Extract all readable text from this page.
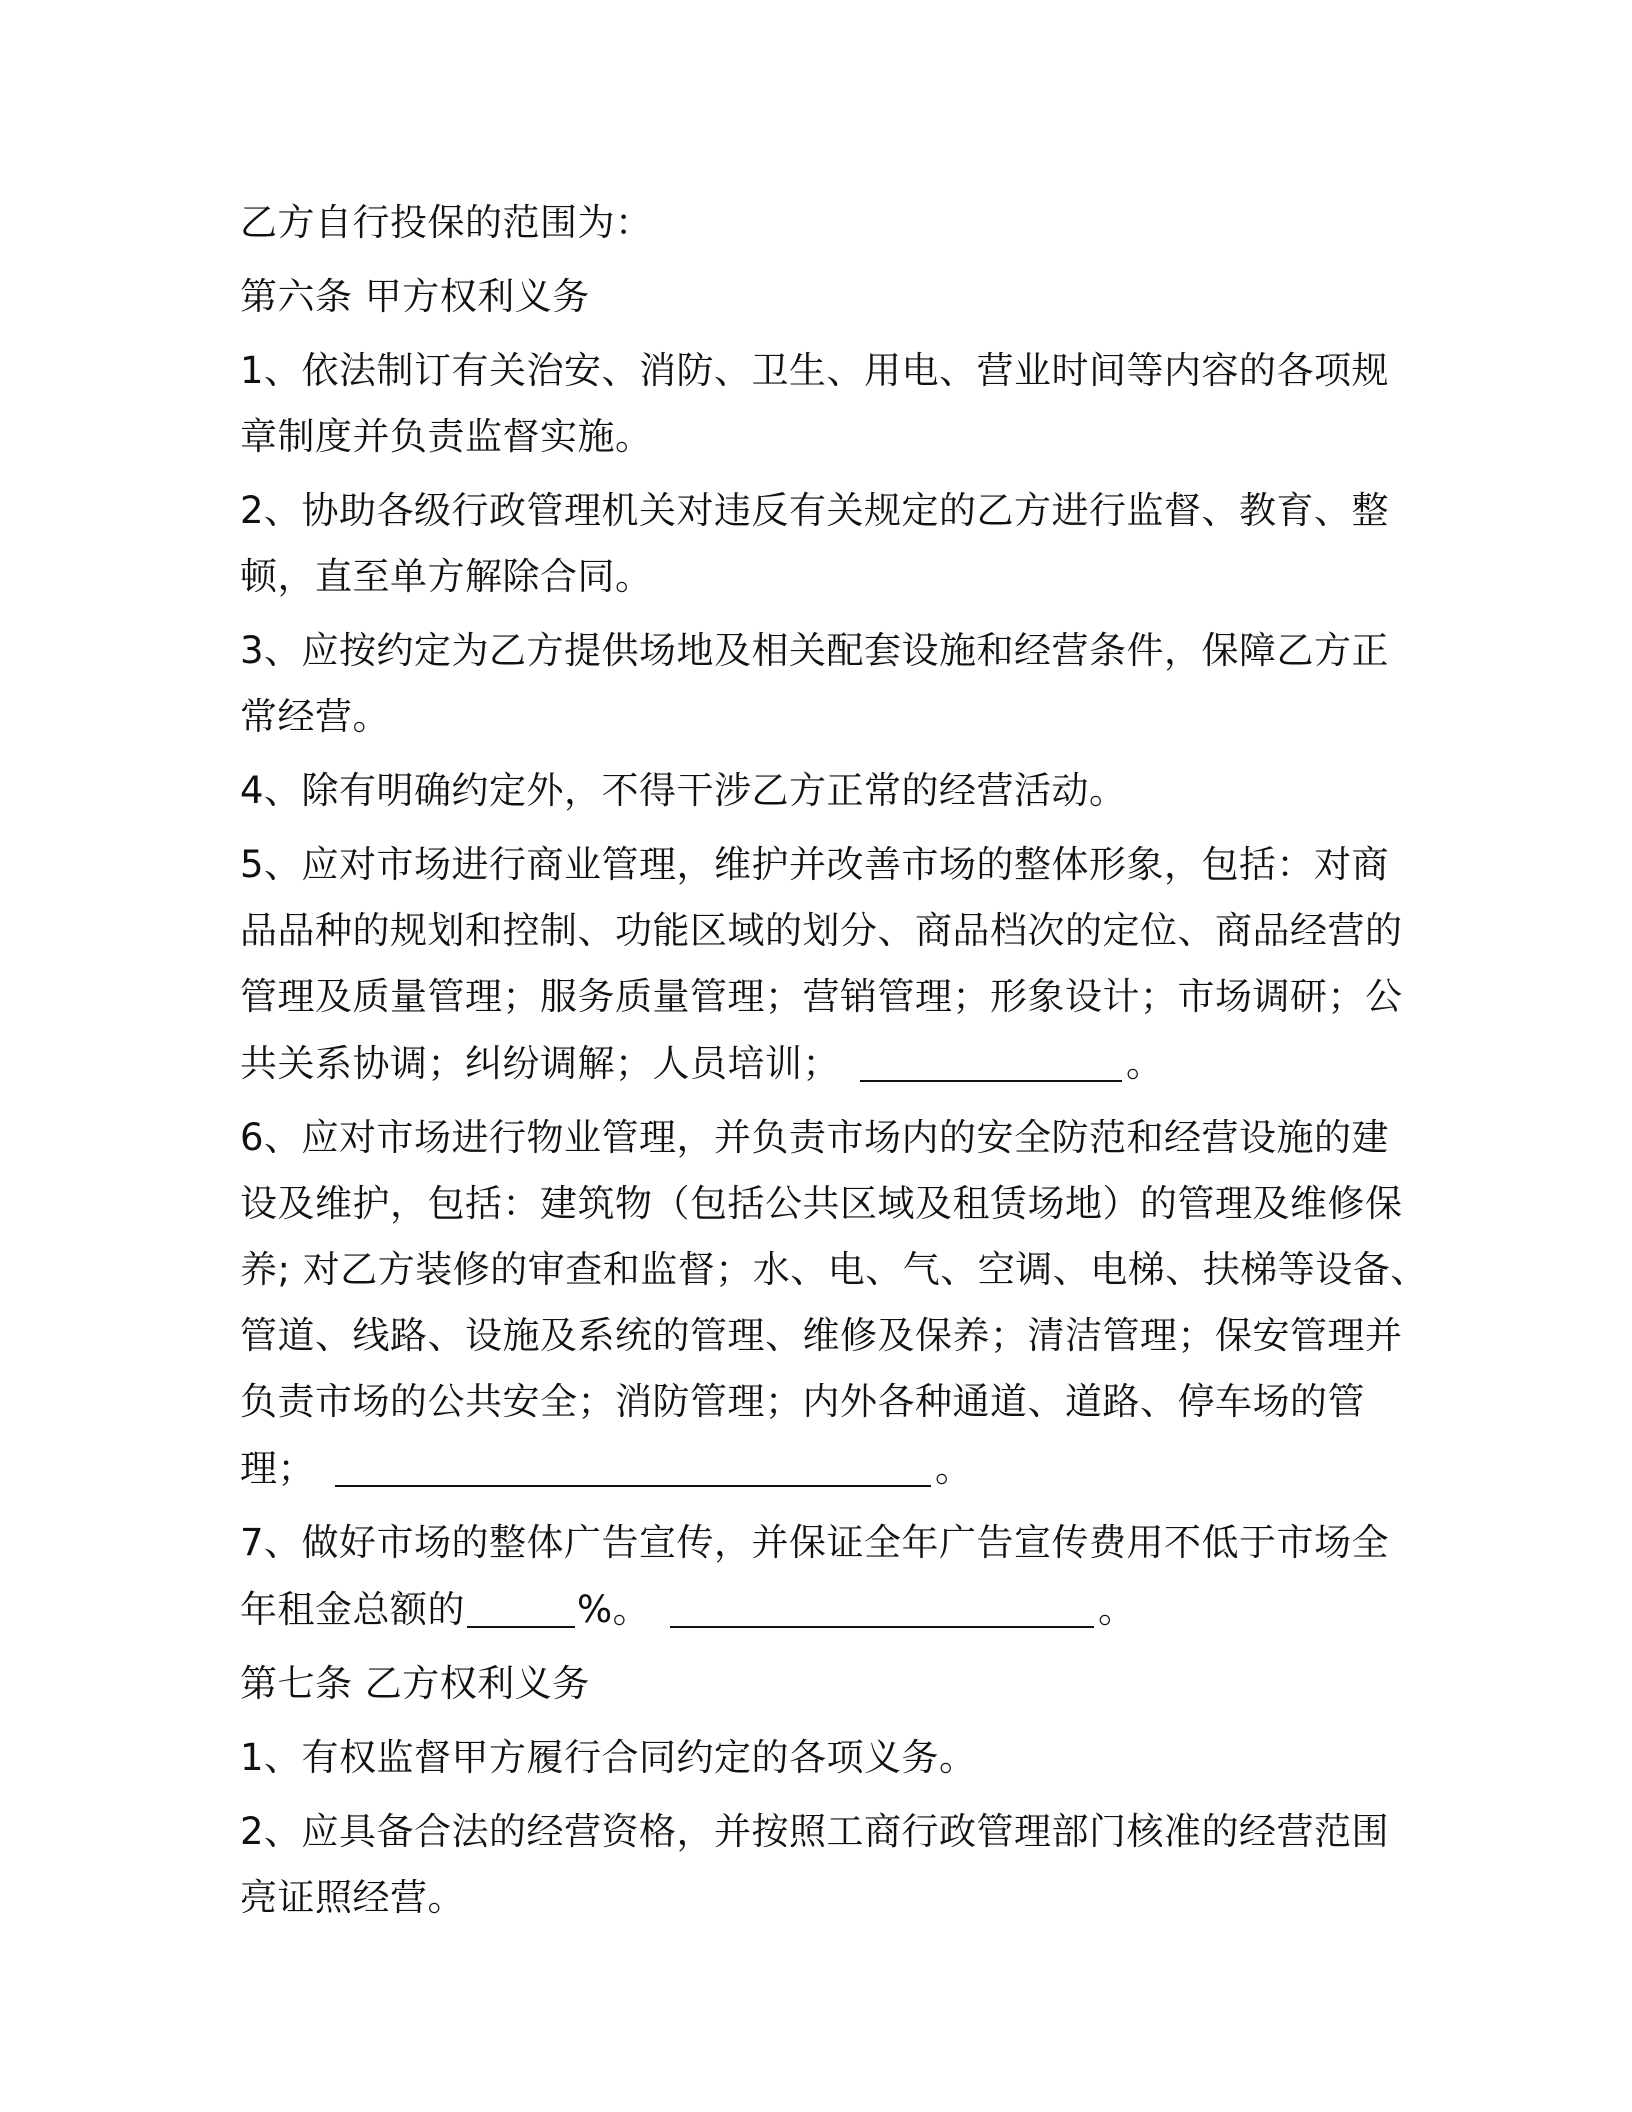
乙方自行投保的范围为：
第六条 甲方权利义务
1、依法制订有关治安、消防、卫生、用电、营业时间等内容的各项规
章制度并负责监督实施。
2、协助各级行政管理机关对违反有关规定的乙方进行监督、教育、整
顿，直至单方解除合同。
3、应按约定为乙方提供场地及相关配套设施和经营条件，保障乙方正
常经营。
4、除有明确约定外，不得干涉乙方正常的经营活动。
5、应对市场进行商业管理，维护并改善市场的整体形象，包括：对商
品品种的规划和控制、功能区域的划分、商品档次的定位、商品经营的
管理及质量管理；服务质量管理；营销管理；形象设计；市场调研；公
共关系协调；纠纷调解；人员培训；	。
6、应对市场进行物业管理，并负责市场内的安全防范和经营设施的建
设及维护，包括：建筑物（包括公共区域及租赁场地）的管理及维修保
养; 对乙方装修的审查和监督；水、电、气、空调、电梯、扶梯等设备、
管道、线路、设施及系统的管理、维修及保养；清洁管理；保安管理并
负责市场的公共安全；消防管理；内外各种通道、道路、停车场的管
理；	。
7、做好市场的整体广告宣传，并保证全年广告宣传费用不低于市场全
年租金总额的	%。	。
第七条 乙方权利义务
1、有权监督甲方履行合同约定的各项义务。
2、应具备合法的经营资格，并按照工商行政管理部门核准的经营范围
亮证照经营。
